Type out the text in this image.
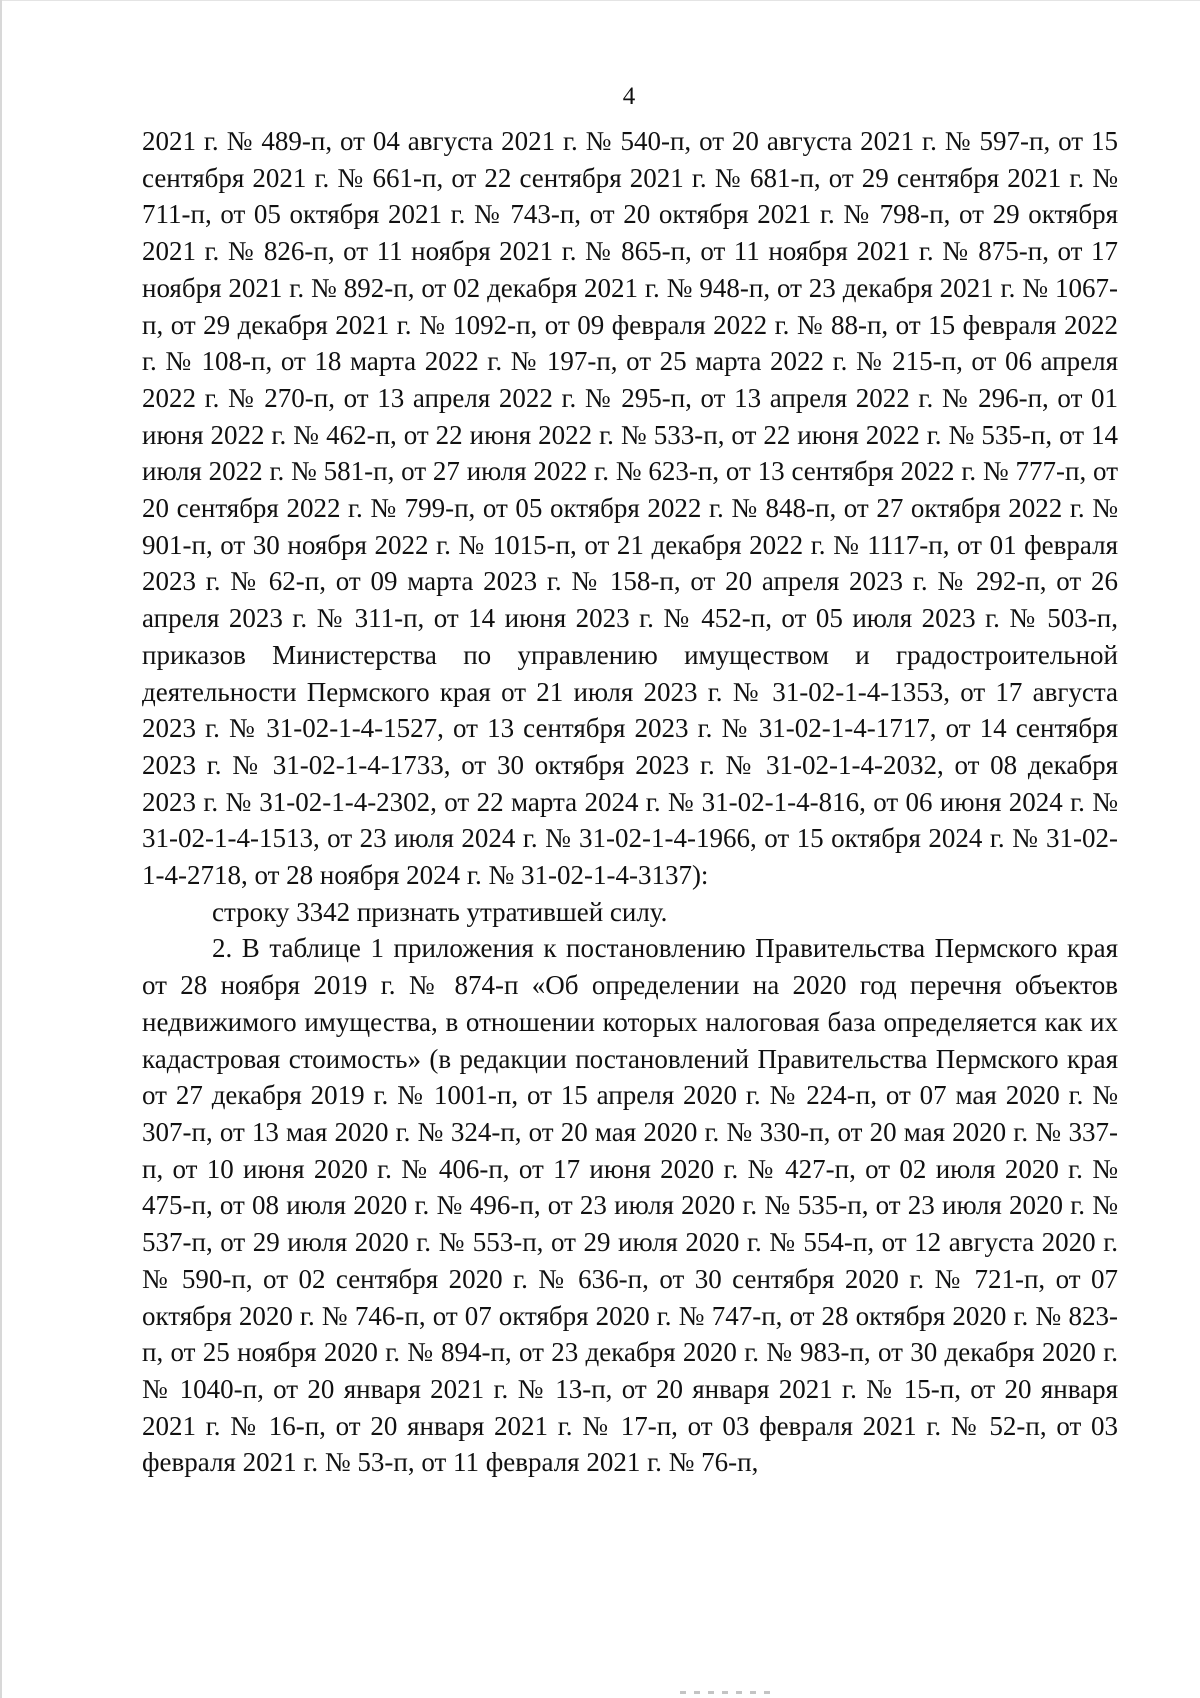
4

2021 г. № 489-п, от 04 августа 2021 г. № 540-п, от 20 августа 2021 г. № 597-п, от 15 сентября 2021 г. № 661-п, от 22 сентября 2021 г. № 681-п, от 29 сентября 2021 г. № 711-п, от 05 октября 2021 г. № 743-п, от 20 октября 2021 г. № 798-п, от 29 октября 2021 г. № 826-п, от 11 ноября 2021 г. № 865-п, от 11 ноября 2021 г. № 875-п, от 17 ноября 2021 г. № 892-п, от 02 декабря 2021 г. № 948-п, от 23 декабря 2021 г. № 1067-п, от 29 декабря 2021 г. № 1092-п, от 09 февраля 2022 г. № 88-п, от 15 февраля 2022 г. № 108-п, от 18 марта 2022 г. № 197-п, от 25 марта 2022 г. № 215-п, от 06 апреля 2022 г. № 270-п, от 13 апреля 2022 г. № 295-п, от 13 апреля 2022 г. № 296-п, от 01 июня 2022 г. № 462-п, от 22 июня 2022 г. № 533-п, от 22 июня 2022 г. № 535-п, от 14 июля 2022 г. № 581-п, от 27 июля 2022 г. № 623-п, от 13 сентября 2022 г. № 777-п, от 20 сентября 2022 г. № 799-п, от 05 октября 2022 г. № 848-п, от 27 октября 2022 г. № 901-п, от 30 ноября 2022 г. № 1015-п, от 21 декабря 2022 г. № 1117-п, от 01 февраля 2023 г. № 62-п, от 09 марта 2023 г. № 158-п, от 20 апреля 2023 г. № 292-п, от 26 апреля 2023 г. № 311-п, от 14 июня 2023 г. № 452-п, от 05 июля 2023 г. № 503-п, приказов Министерства по управлению имуществом и градостроительной деятельности Пермского края от 21 июля 2023 г. № 31-02-1-4-1353, от 17 августа 2023 г. № 31-02-1-4-1527, от 13 сентября 2023 г. № 31-02-1-4-1717, от 14 сентября 2023 г. № 31-02-1-4-1733, от 30 октября 2023 г. № 31-02-1-4-2032, от 08 декабря 2023 г. № 31-02-1-4-2302, от 22 марта 2024 г. № 31-02-1-4-816, от 06 июня 2024 г. № 31-02-1-4-1513, от 23 июля 2024 г. № 31-02-1-4-1966, от 15 октября 2024 г. № 31-02-1-4-2718, от 28 ноября 2024 г. № 31-02-1-4-3137):

строку 3342 признать утратившей силу.

2. В таблице 1 приложения к постановлению Правительства Пермского края от 28 ноября 2019 г. № 874-п «Об определении на 2020 год перечня объектов недвижимого имущества, в отношении которых налоговая база определяется как их кадастровая стоимость» (в редакции постановлений Правительства Пермского края от 27 декабря 2019 г. № 1001-п, от 15 апреля 2020 г. № 224-п, от 07 мая 2020 г. № 307-п, от 13 мая 2020 г. № 324-п, от 20 мая 2020 г. № 330-п, от 20 мая 2020 г. № 337-п, от 10 июня 2020 г. № 406-п, от 17 июня 2020 г. № 427-п, от 02 июля 2020 г. № 475-п, от 08 июля 2020 г. № 496-п, от 23 июля 2020 г. № 535-п, от 23 июля 2020 г. № 537-п, от 29 июля 2020 г. № 553-п, от 29 июля 2020 г. № 554-п, от 12 августа 2020 г. № 590-п, от 02 сентября 2020 г. № 636-п, от 30 сентября 2020 г. № 721-п, от 07 октября 2020 г. № 746-п, от 07 октября 2020 г. № 747-п, от 28 октября 2020 г. № 823-п, от 25 ноября 2020 г. № 894-п, от 23 декабря 2020 г. № 983-п, от 30 декабря 2020 г. № 1040-п, от 20 января 2021 г. № 13-п, от 20 января 2021 г. № 15-п, от 20 января 2021 г. № 16-п, от 20 января 2021 г. № 17-п, от 03 февраля 2021 г. № 52-п, от 03 февраля 2021 г. № 53-п, от 11 февраля 2021 г. № 76-п,
